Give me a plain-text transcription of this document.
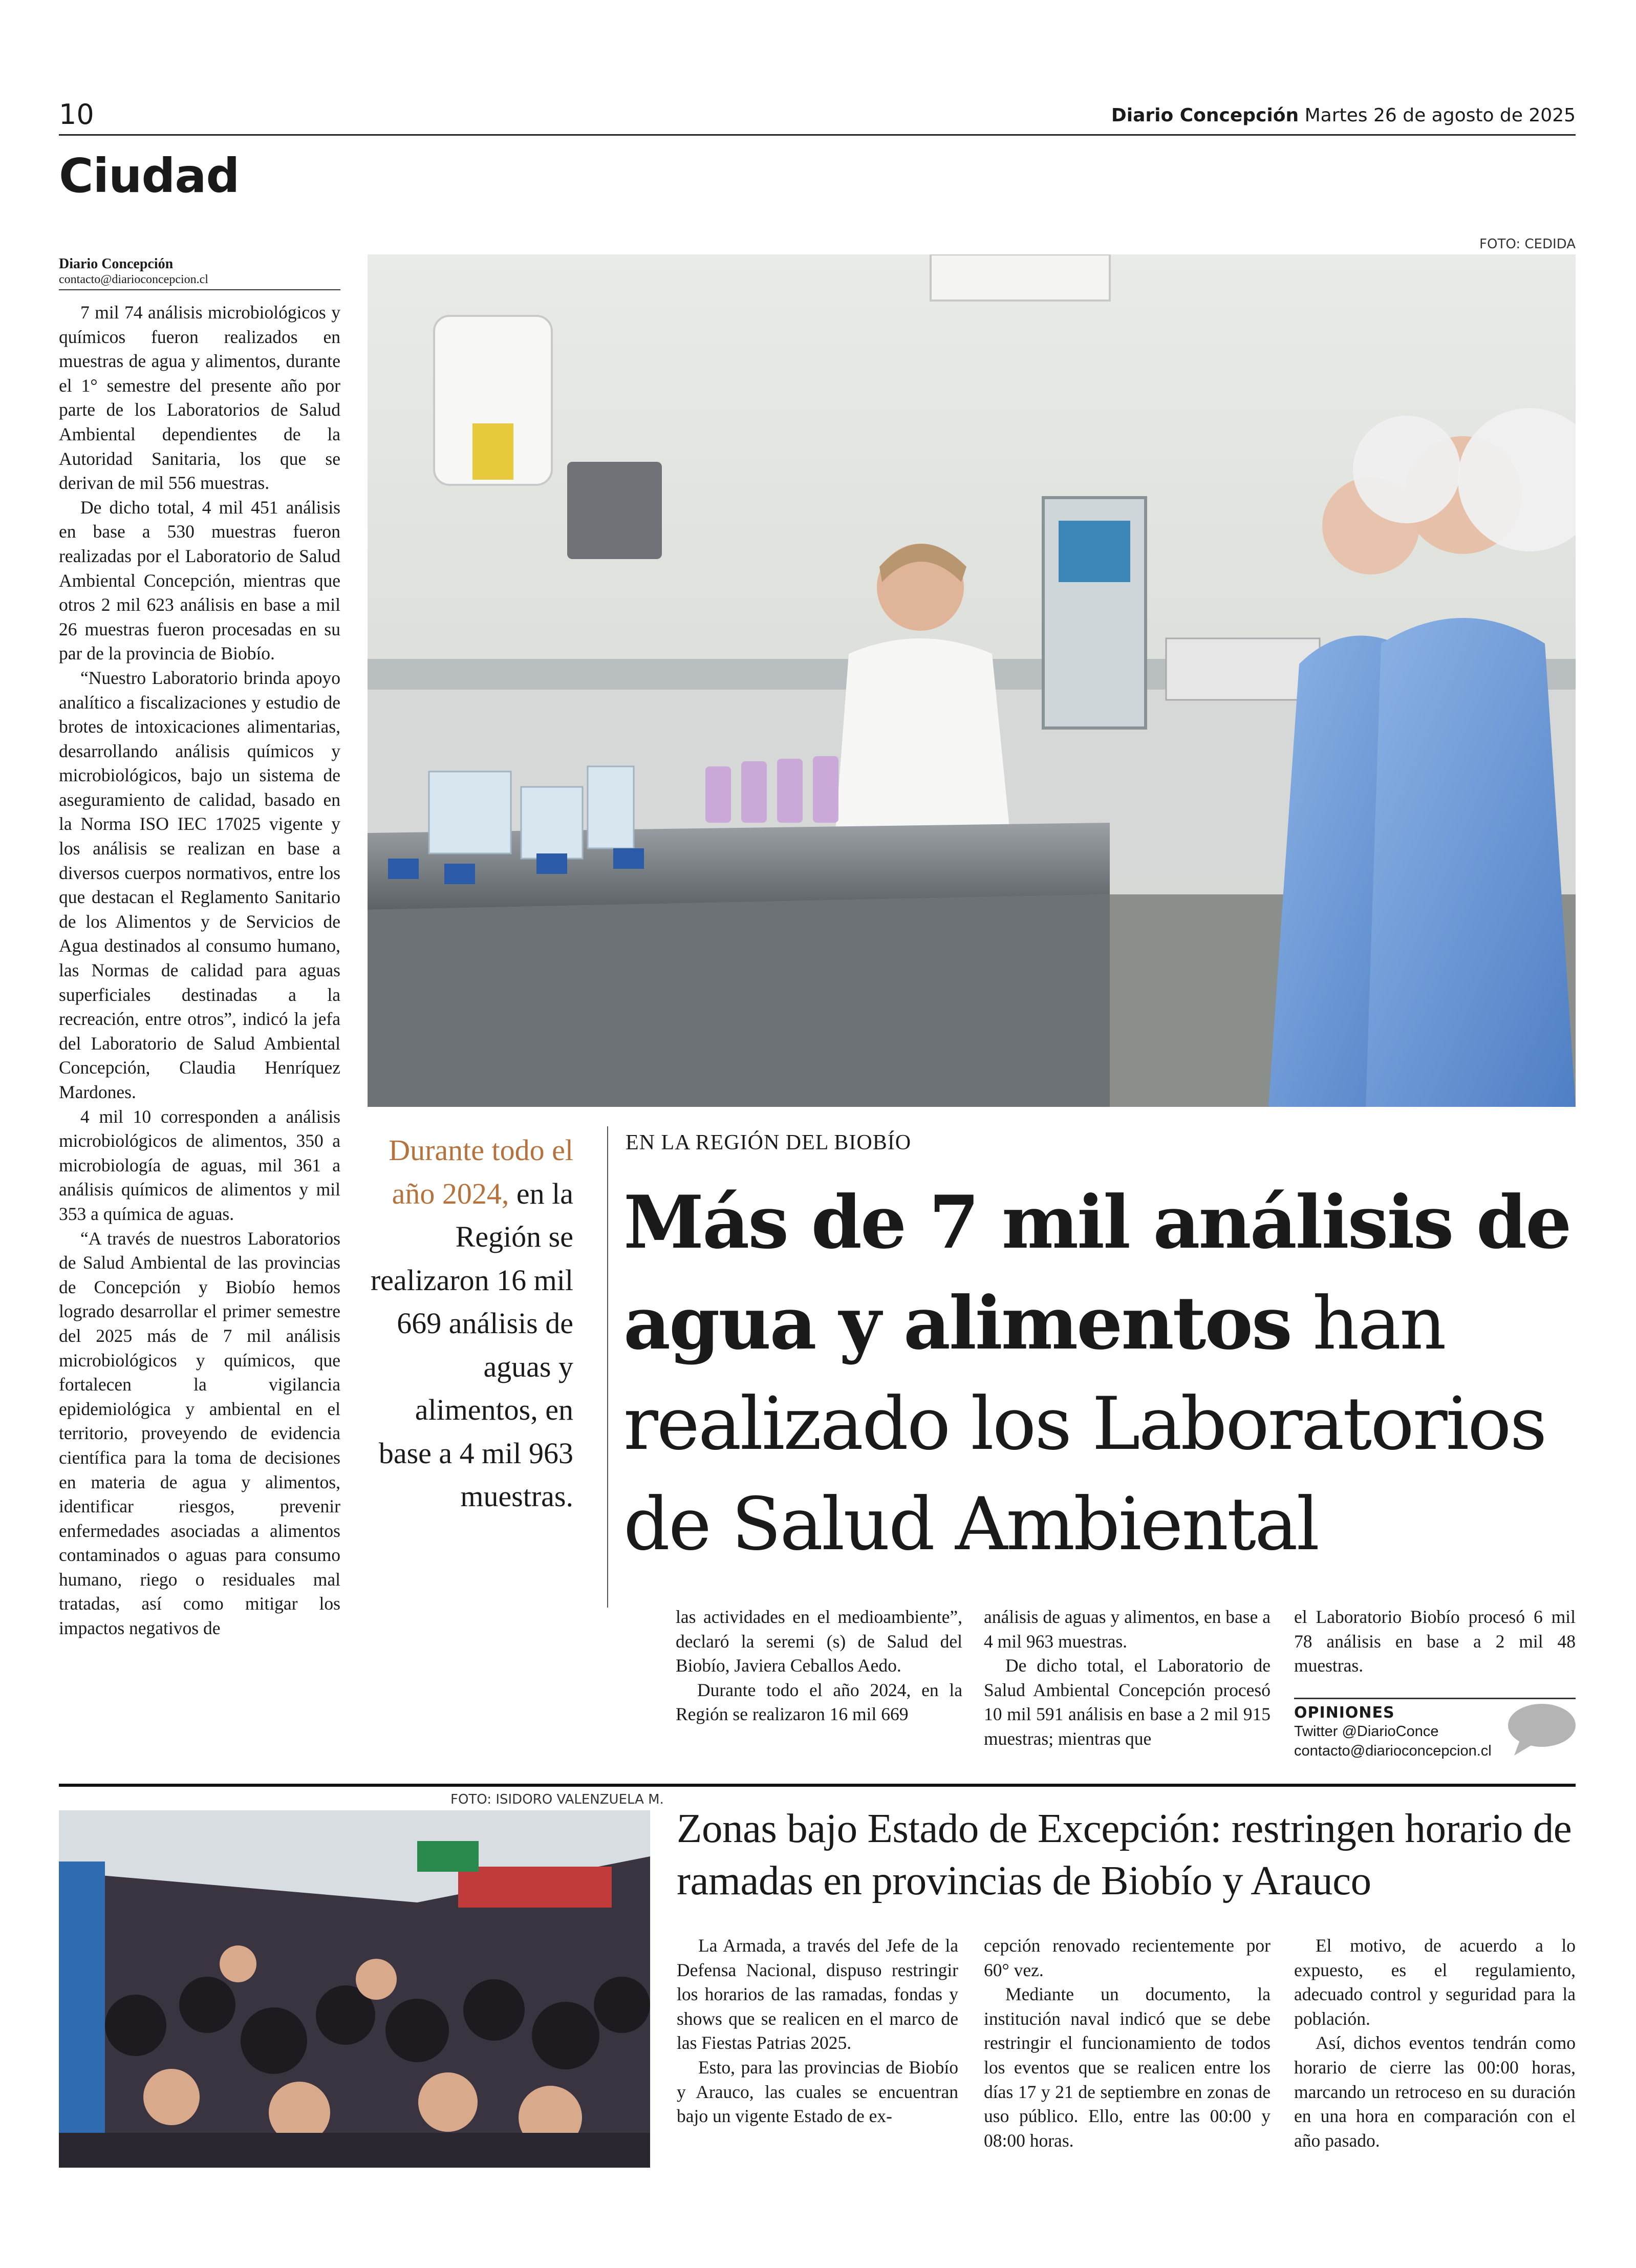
10	Diario Concepción Martes 26 de agosto de 2025
Ciudad
Diario Concepción
contacto@diarioconcepcion.cl

7 mil 74 análisis microbiológicos y químicos fueron realizados en muestras de agua y alimentos, durante el 1° semestre del presente año por parte de los Laboratorios de Salud Ambiental dependientes de la Autoridad Sanitaria, los que se derivan de mil 556 muestras.

De dicho total, 4 mil 451 análisis en base a 530 muestras fueron realizadas por el Laboratorio de Salud Ambiental Concepción, mientras que otros 2 mil 623 análisis en base a mil 26 muestras fueron procesadas en su par de la provincia de Biobío.

“Nuestro Laboratorio brinda apoyo analítico a fiscalizaciones y estudio de brotes de intoxicaciones alimentarias, desarrollando análisis químicos y microbiológicos, bajo un sistema de aseguramiento de calidad, basado en la Norma ISO IEC 17025 vigente y los análisis se realizan en base a diversos cuerpos normativos, entre los que destacan el Reglamento Sanitario de los Alimentos y de Servicios de Agua destinados al consumo humano, las Normas de calidad para aguas superficiales destinadas a la recreación, entre otros”, indicó la jefa del Laboratorio de Salud Ambiental Concepción, Claudia Henríquez Mardones.

4 mil 10 corresponden a análisis microbiológicos de alimentos, 350 a microbiología de aguas, mil 361 a análisis químicos de alimentos y mil 353 a química de aguas.

“A través de nuestros Laboratorios de Salud Ambiental de las provincias de Concepción y Biobío hemos logrado desarrollar el primer semestre del 2025 más de 7 mil análisis microbiológicos y químicos, que fortalecen la vigilancia epidemiológica y ambiental en el territorio, proveyendo de evidencia científica para la toma de decisiones en materia de agua y alimentos, identificar riesgos, prevenir enfermedades asociadas a alimentos contaminados o aguas para consumo humano, riego o residuales mal tratadas, así como mitigar los impactos negativos de

FOTO: CEDIDA
Durante todo el año 2024, en la Región se realizaron 16 mil 669 análisis de aguas y alimentos, en base a 4 mil 963 muestras.
EN LA REGIÓN DEL BIOBÍO
Más de 7 mil análisis de agua y alimentos han realizado los Laboratorios de Salud Ambiental

las actividades en el medioambiente”, declaró la seremi (s) de Salud del Biobío, Javiera Ceballos Aedo.

Durante todo el año 2024, en la Región se realizaron 16 mil 669

análisis de aguas y alimentos, en base a 4 mil 963 muestras.

De dicho total, el Laboratorio de Salud Ambiental Concepción procesó 10 mil 591 análisis en base a 2 mil 915 muestras; mientras que

el Laboratorio Biobío procesó 6 mil 78 análisis en base a 2 mil 48 muestras.

OPINIONES
Twitter @DiarioConce
contacto@diarioconcepcion.cl
FOTO: ISIDORO VALENZUELA M.
Zonas bajo Estado de Excepción: restringen horario de ramadas en provincias de Biobío y Arauco

La Armada, a través del Jefe de la Defensa Nacional, dispuso restringir los horarios de las ramadas, fondas y shows que se realicen en el marco de las Fiestas Patrias 2025.

Esto, para las provincias de Biobío y Arauco, las cuales se encuentran bajo un vigente Estado de ex-

cepción renovado recientemente por 60° vez.

Mediante un documento, la institución naval indicó que se debe restringir el funcionamiento de todos los eventos que se realicen entre los días 17 y 21 de septiembre en zonas de uso público. Ello, entre las 00:00 y 08:00 horas.

El motivo, de acuerdo a lo expuesto, es el regulamiento, adecuado control y seguridad para la población.

Así, dichos eventos tendrán como horario de cierre las 00:00 horas, marcando un retroceso en su duración en una hora en comparación con el año pasado.
